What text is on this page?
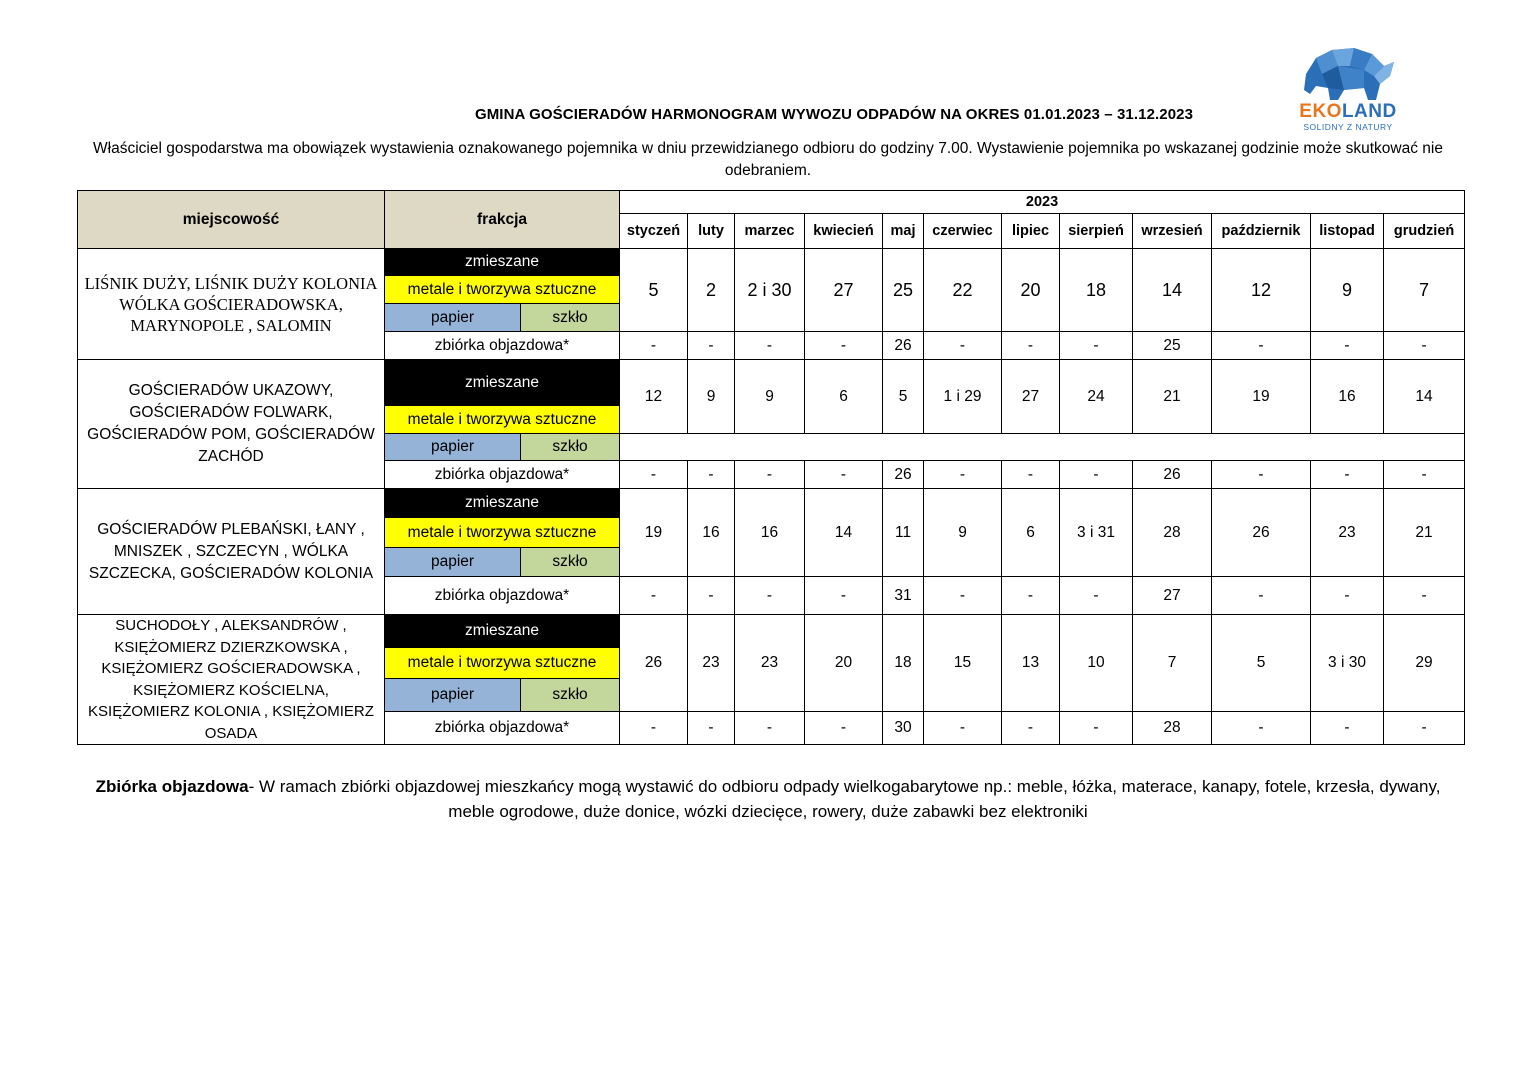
GMINA GOŚCIERADÓW HARMONOGRAM WYWOZU ODPADÓW NA OKRES 01.01.2023 – 31.12.2023	EKOLAND
SOLIDNY Z NATURY
Właściciel gospodarstwa ma obowiązek wystawienia oznakowanego pojemnika w dniu przewidzianego odbioru do godziny 7.00. Wystawienie pojemnika po wskazanej godzinie może skutkować nie odebraniem.
miejscowość	frakcja		2023											
			styczeń	luty	marzec	kwiecień	maj	czerwiec	lipiec	sierpień	wrzesień	październik	listopad	grudzień
LIŚNIK DUŻY, LIŚNIK DUŻY KOLONIA WÓLKA GOŚCIERADOWSKA, MARYNOPOLE , SALOMIN	zmieszane		5	2	2 i 30	27	25	22	20	18	14	12	9	7
	metale i tworzywa sztuczne													
	papier	szkło												
	zbiórka objazdowa*		-	-	-	-	26	-	-	-	25	-	-	-
GOŚCIERADÓW UKAZOWY, GOŚCIERADÓW FOLWARK, GOŚCIERADÓW POM, GOŚCIERADÓW ZACHÓD	zmieszane		12	9	9	6	5	1 i 29	27	24	21	19	16	14
	metale i tworzywa sztuczne													
	papier	szkło												
	zbiórka objazdowa*		-	-	-	-	26	-	-	-	26	-	-	-
GOŚCIERADÓW PLEBAŃSKI, ŁANY , MNISZEK , SZCZECYN , WÓLKA SZCZECKA, GOŚCIERADÓW KOLONIA	zmieszane		19	16	16	14	11	9	6	3 i 31	28	26	23	21
	metale i tworzywa sztuczne													
	papier	szkło												
	zbiórka objazdowa*		-	-	-	-	31	-	-	-	27	-	-	-
SUCHODOŁY , ALEKSANDRÓW , KSIĘŻOMIERZ DZIERZKOWSKA , KSIĘŻOMIERZ GOŚCIERADOWSKA , KSIĘŻOMIERZ KOŚCIELNA, KSIĘŻOMIERZ KOLONIA , KSIĘŻOMIERZ OSADA	zmieszane		26	23	23	20	18	15	13	10	7	5	3 i 30	29
	metale i tworzywa sztuczne													
	papier	szkło												
	zbiórka objazdowa*		-	-	-	-	30	-	-	-	28	-	-	-
Zbiórka objazdowa- W ramach zbiórki objazdowej mieszkańcy mogą wystawić do odbioru odpady wielkogabarytowe np.: meble, łóżka, materace, kanapy, fotele, krzesła, dywany, meble ogrodowe, duże donice, wózki dziecięce, rowery, duże zabawki bez elektroniki
